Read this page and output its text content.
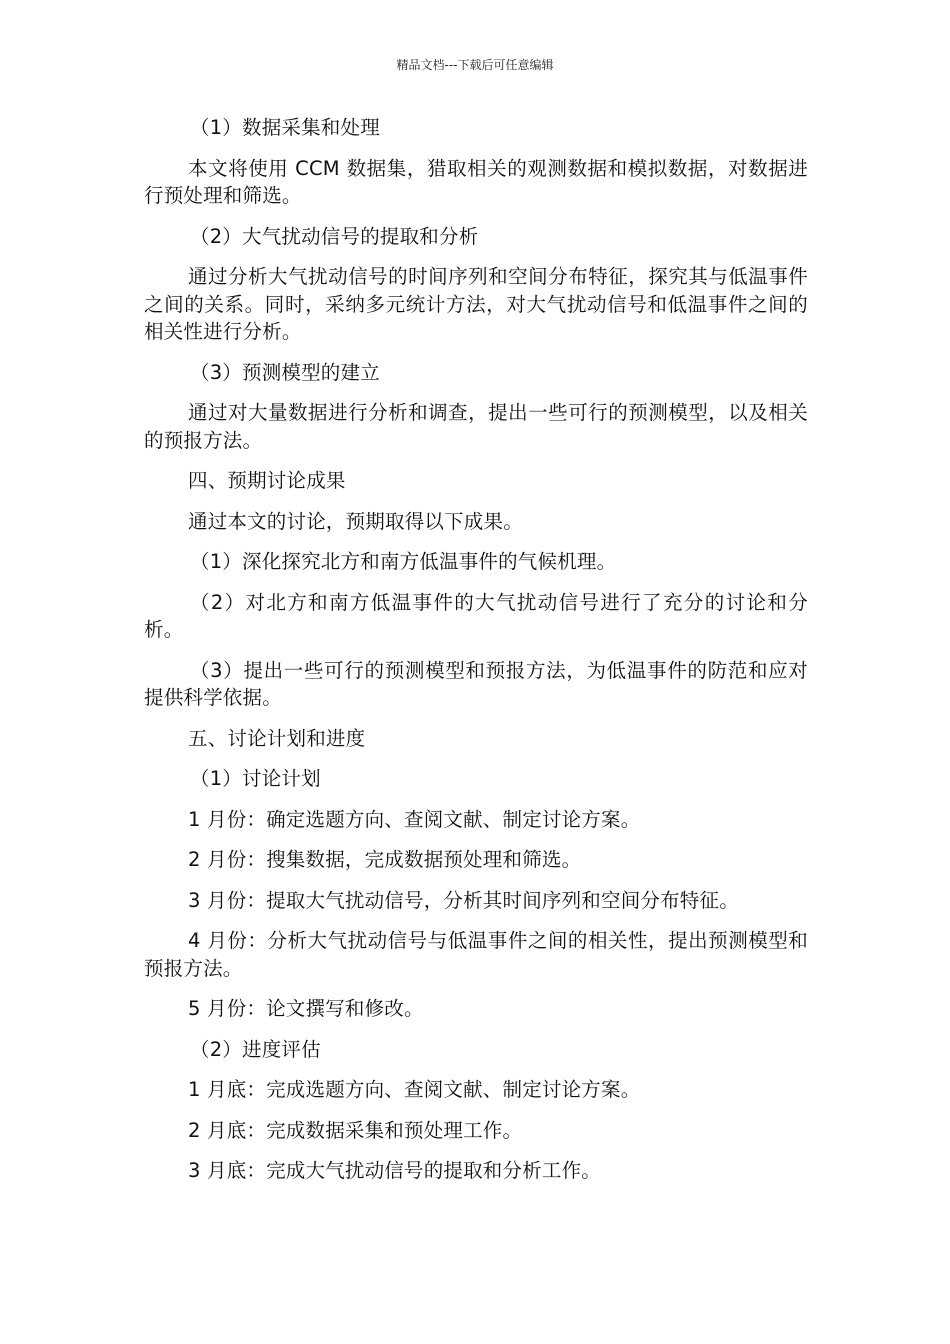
精品文档---下载后可任意编辑

（1）数据采集和处理

本文将使用 CCM 数据集，猎取相关的观测数据和模拟数据，对数据进行预处理和筛选。

（2）大气扰动信号的提取和分析

通过分析大气扰动信号的时间序列和空间分布特征，探究其与低温事件之间的关系。同时，采纳多元统计方法，对大气扰动信号和低温事件之间的相关性进行分析。

（3）预测模型的建立

通过对大量数据进行分析和调查，提出一些可行的预测模型，以及相关的预报方法。

四、预期讨论成果

通过本文的讨论，预期取得以下成果。

（1）深化探究北方和南方低温事件的气候机理。

（2）对北方和南方低温事件的大气扰动信号进行了充分的讨论和分析。

（3）提出一些可行的预测模型和预报方法，为低温事件的防范和应对提供科学依据。

五、讨论计划和进度

（1）讨论计划

1 月份：确定选题方向、查阅文献、制定讨论方案。

2 月份：搜集数据，完成数据预处理和筛选。

3 月份：提取大气扰动信号，分析其时间序列和空间分布特征。

4 月份：分析大气扰动信号与低温事件之间的相关性，提出预测模型和预报方法。

5 月份：论文撰写和修改。

（2）进度评估

1 月底：完成选题方向、查阅文献、制定讨论方案。

2 月底：完成数据采集和预处理工作。

3 月底：完成大气扰动信号的提取和分析工作。
